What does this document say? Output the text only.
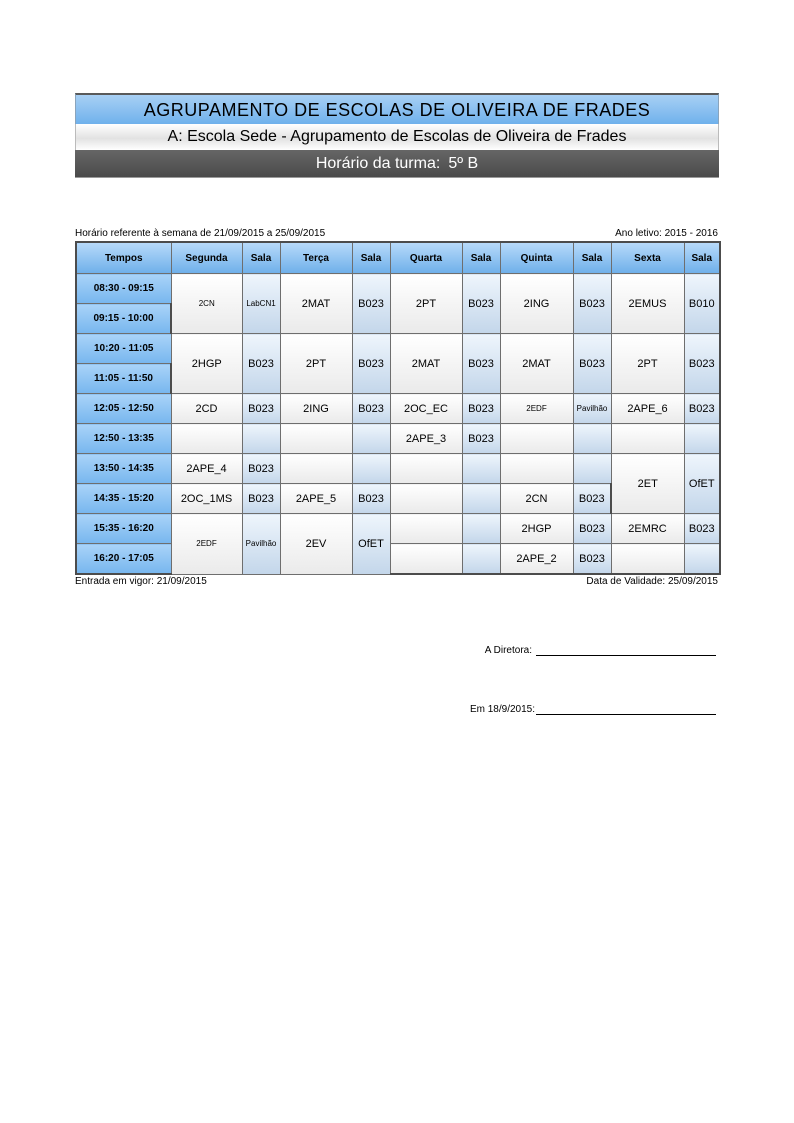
AGRUPAMENTO DE ESCOLAS DE OLIVEIRA DE FRADES
A: Escola Sede - Agrupamento de Escolas de Oliveira de Frades
Horário da turma: 5º B
Horário referente à semana de 21/09/2015 a 25/09/2015	Ano letivo: 2015 - 2016
Tempos	Segunda	Sala	Terça	Sala	Quarta	Sala	Quinta	Sala	Sexta	Sala
08:30 - 09:15	2CN	LabCN1	2MAT	B023	2PT	B023	2ING	B023	2EMUS	B010
09:15 - 10:00										
10:20 - 11:05	2HGP	B023	2PT	B023	2MAT	B023	2MAT	B023	2PT	B023
11:05 - 11:50										
12:05 - 12:50	2CD	B023	2ING	B023	2OC_EC	B023	2EDF	Pavilhão	2APE_6	B023
12:50 - 13:35					2APE_3	B023				
13:50 - 14:35	2APE_4	B023							2ET	OfET
14:35 - 15:20	2OC_1MS	B023	2APE_5	B023			2CN	B023		
15:35 - 16:20	2EDF	Pavilhão	2EV	OfET			2HGP	B023	2EMRC	B023
16:20 - 17:05							2APE_2	B023		
Entrada em vigor: 21/09/2015	Data de Validade: 25/09/2015
A Diretora:
Em 18/9/2015:
